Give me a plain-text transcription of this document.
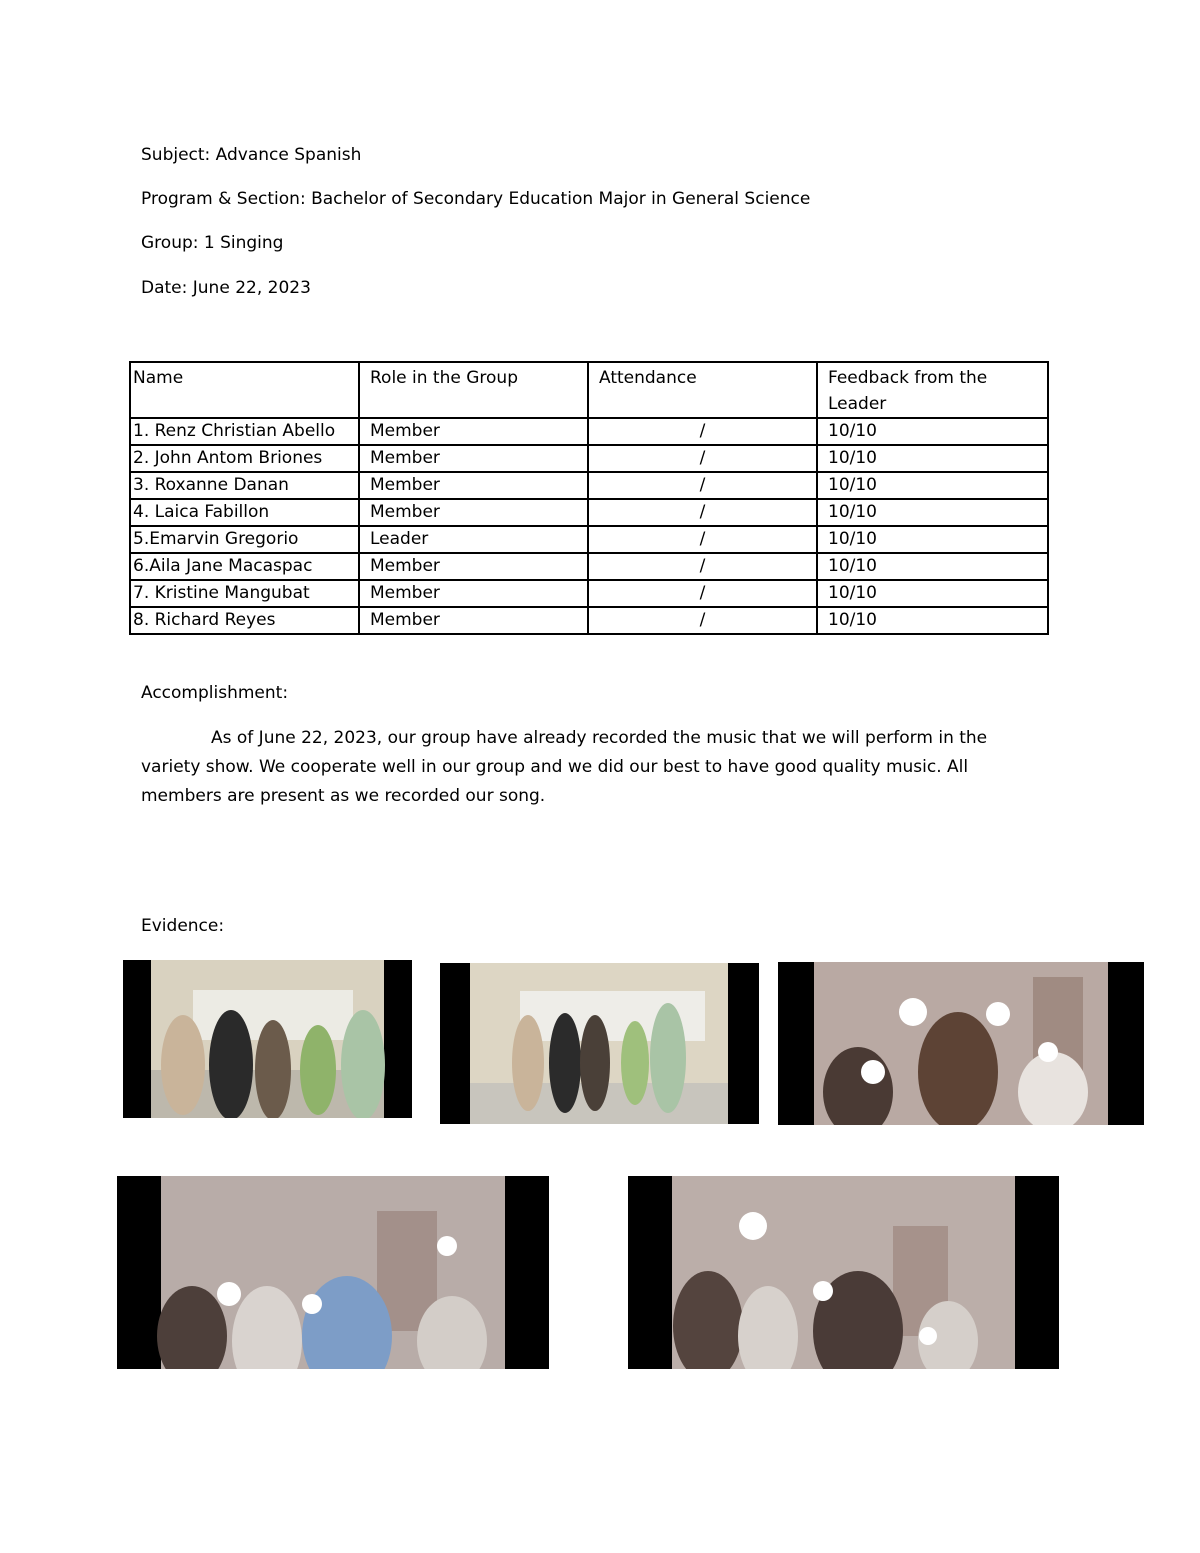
Subject: Advance Spanish
Program & Section: Bachelor of Secondary Education Major in General Science
Group: 1 Singing
Date: June 22, 2023
Name	Role in the Group	Attendance	Feedback from the Leader
1. Renz Christian Abello	Member	/	10/10
2. John Antom Briones	Member	/	10/10
3. Roxanne Danan	Member	/	10/10
4. Laica Fabillon	Member	/	10/10
5.Emarvin Gregorio	Leader	/	10/10
6.Aila Jane Macaspac	Member	/	10/10
7. Kristine Mangubat	Member	/	10/10
8. Richard Reyes	Member	/	10/10
Accomplishment:
As of June 22, 2023, our group have already recorded the music that we will perform in the variety show. We cooperate well in our group and we did our best to have good quality music. All members are present as we recorded our song.
Evidence:
